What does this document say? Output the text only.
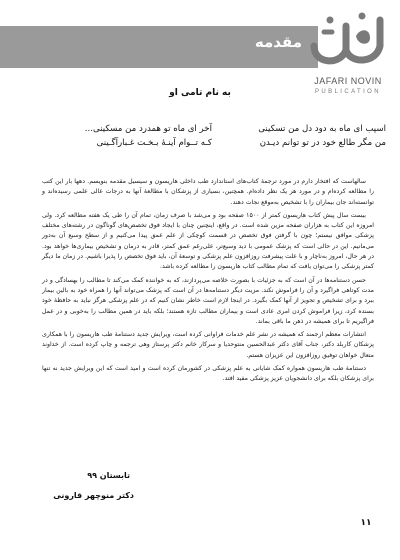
مقدمه
JAFARI NOVIN
PUBLICATION
به نام تامی او
اسپب ای ماه به دود دل من تسکینی
من مگر طالع خود در تو توانم دیـدن
آخر ای ماه تو همدرد من مسکینی...
کـه تــوام آینـۀ بـخـت غـبارآگـینی

سالهاست که افتخار دارم در مورد ترجمۀ کتاب‌های استاندارد طب داخلی هاریسون و سیسیل مقدمه بنویسم. دهها بار این کتب را مطالعه کرده‌ام و در مورد هر یک نظر داده‌ام. همچنین، بسیاری از پزشکان با مطالعۀ آنها به درجات عالی علمی رسیده‌اند و توانسته‌اند جان بیماران را با تشخیص به‌موقع نجات دهند.

بیست سال پیش کتاب هاریسون کمتر از ۱۵۰۰ صفحه بود و می‌شد با صرف زمان، تمام آن را طی یک هفته مطالعه کرد. ولی امروزه این کتاب به هزاران صفحه مزین شده است. در واقع، اینچنین چنان با ایجاد فوق تخصص‌های گوناگون در رشته‌های مختلف پزشکی موافق نیستم؛ چون با گرفتن فوق تخصص در قسمت کوچکی از علم عمق پیدا می‌کنیم و از سطح وسیع آن به‌دور می‌مانیم. این در حالی است که پزشک عمومی با دید وسیع‌تر، علی‌رغم عمق کمتر، قادر به درمان و تشخیص بیماری‌ها خواهد بود. در هر حال، امروز به‌ناچار و با علت پیشرفت روزافزون علم پزشکی و توسعۀ آن، باید فوق تخصص را پذیرا باشیم. در زمان ما دیگر کمتر پزشکی را می‌توان یافت که تمام مطالب کتاب هاریسون را مطالعه کرده باشد.

حسن دستنامه‌ها در آن است که به جزئیات با بصورت خلاصه می‌پردازند، که به خواننده کمک می‌کند تا مطالب را بهسادگی و در مدت کوتاهی فراگیرد و آن را فراموش نکند. مزیت دیگر دستنامه‌ها در آن است که پزشک می‌تواند آنها را همراه خود به بالین بیمار ببرد و برای تشخیص و تجویز از آنها کمک بگیرد. در اینجا لازم است خاطر نشان کنیم که در علم پزشکی هرگز نباید به حافظۀ خود بسنده کرد، زیرا فراموش کردن امری عادی است و بیماران مطالب تازه هستند؛ بلکه باید در همین مطالب را به‌خوبی و در عمل فراگیریم تا برای همیشه در ذهن ما باقی بماند.

انتشارات معظم ارجمند که همیشه در نشر علم خدمات فراوانی کرده است، ویرایش جدید دستنامۀ طب هاریسون را با همکاری پزشکان کاربلد دکتر، جناب آقای دکتر عبدالحسین منتوحدیا و سرکار خانم دکتر پرستاز وهی ترجمه و چاپ کرده است. از خداوند متعال خواهان توفیق روزافزون این عزیزان هستم.

دستنامۀ طب هاریسون همواره کمک شایانی به علم پزشکی در کشورمان کرده است و امید است که این ویرایش جدید نه تنها برای پزشکان بلکه برای دانشجویان عزیز پزشکی مفید افتد.

تابستان ۹۹
دکتر منوچهر قارونی
۱۱
